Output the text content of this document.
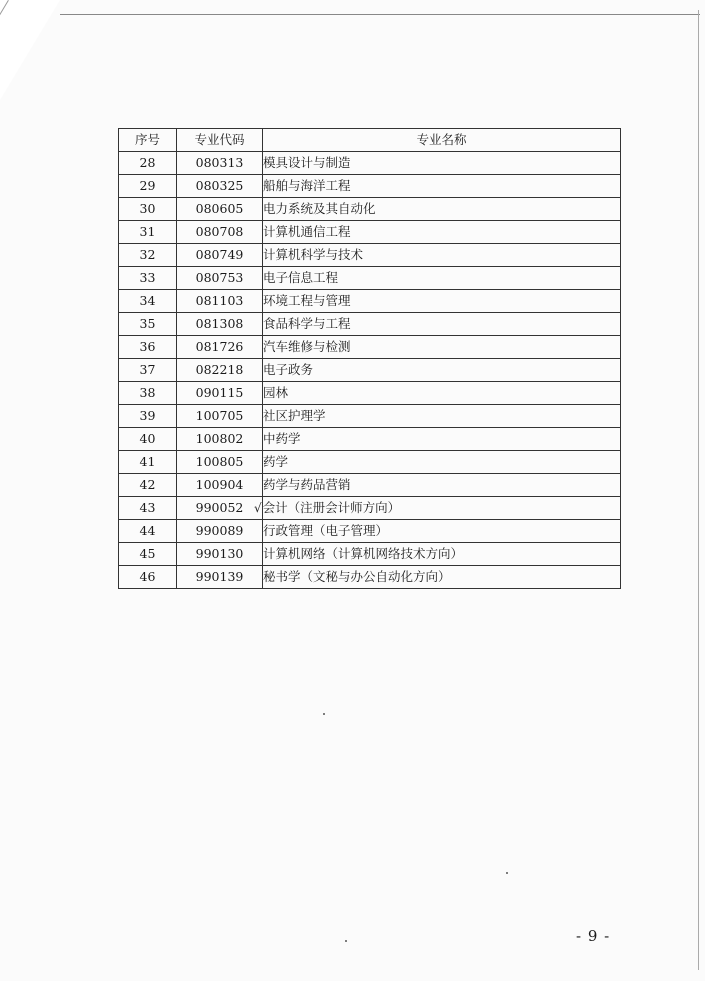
序号	专业代码	专业名称
28	080313	模具设计与制造
29	080325	船舶与海洋工程
30	080605	电力系统及其自动化
31	080708	计算机通信工程
32	080749	计算机科学与技术
33	080753	电子信息工程
34	081103	环境工程与管理
35	081308	食品科学与工程
36	081726	汽车维修与检测
37	082218	电子政务
38	090115	园林
39	100705	社区护理学
40	100802	中药学
41	100805	药学
42	100904	药学与药品营销
43	990052	√会计（注册会计师方向）
44	990089	行政管理（电子管理）
45	990130	计算机网络（计算机网络技术方向）
46	990139	秘书学（文秘与办公自动化方向）
- 9 -
